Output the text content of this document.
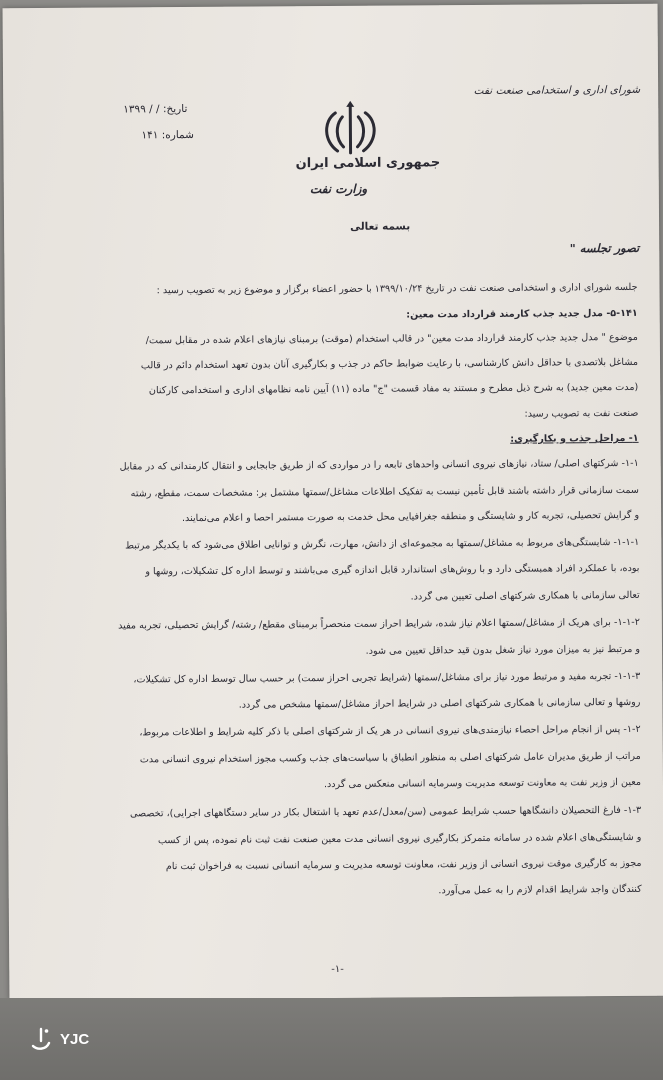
شورای اداری و استخدامی صنعت نفت
تاریخ: / / ۱۳۹۹
شماره: ۱۴۱
جمهوری اسلامی ایران
وزارت نفت
بسمه تعالی
تصور تجلسه "
جلسه شورای اداری و استخدامی صنعت نفت در تاریخ ۱۳۹۹/۱۰/۲۴ با حضور اعضاء برگزار و موضوع زیر به تصویب رسید :
۵-۱۴۱- مدل جدید جذب کارمند قرارداد مدت معین:
موضوع " مدل جدید جذب کارمند قرارداد مدت معین" در قالب استخدام (موقت) برمبنای نیازهای اعلام شده در مقابل سمت/
مشاغل بلاتصدی با حداقل دانش کارشناسی، با رعایت ضوابط حاکم در جذب و بکارگیری آنان بدون تعهد استخدام دائم در قالب
(مدت معین جدید) به شرح ذیل مطرح و مستند به مفاد قسمت "ج" ماده (۱۱) آیین نامه نظامهای اداری و استخدامی کارکنان
صنعت نفت به تصویب رسید:
۱- مراحل جذب و بکارگیری:
۱-۱- شرکتهای اصلی/ ستاد، نیازهای نیروی انسانی واحدهای تابعه را در مواردی که از طریق جابجایی و انتقال کارمندانی که در مقابل
سمت سازمانی قرار داشته باشند قابل تأمین نیست به تفکیک اطلاعات مشاغل/سمتها مشتمل بر: مشخصات سمت، مقطع، رشته
و گرایش تحصیلی، تجربه کار و شایستگی و منطقه جغرافیایی محل خدمت به صورت مستمر احصا و اعلام می‌نمایند.
۱-۱-۱- شایستگی‌های مربوط به مشاغل/سمتها به مجموعه‌ای از دانش، مهارت، نگرش و توانایی اطلاق می‌شود که با یکدیگر مرتبط
بوده، با عملکرد افراد همبستگی دارد و با روش‌های استاندارد قابل اندازه گیری می‌باشند و توسط اداره کل تشکیلات، روشها و
تعالی سازمانی با همکاری شرکتهای اصلی تعیین می گردد.
۱-۱-۲- برای هریک از مشاغل/سمتها اعلام نیاز شده، شرایط احراز سمت منحصراً برمبنای مقطع/ رشته/ گرایش تحصیلی، تجربه مفید
و مرتبط نیز به میزان مورد نیاز شغل بدون قید حداقل تعیین می شود.
۱-۱-۳- تجربه مفید و مرتبط مورد نیاز برای مشاغل/سمتها (شرایط تجربی احراز سمت) بر حسب سال توسط اداره کل تشکیلات،
روشها و تعالی سازمانی با همکاری شرکتهای اصلی در شرایط احراز مشاغل/سمتها مشخص می گردد.
۱-۲- پس از انجام مراحل احصاء نیازمندی‌های نیروی انسانی در هر یک از شرکتهای اصلی با ذکر کلیه شرایط و اطلاعات مربوط،
مراتب از طریق مدیران عامل شرکتهای اصلی به منظور انطباق با سیاست‌های جذب وکسب مجوز استخدام نیروی انسانی مدت
معین از وزیر نفت به معاونت توسعه مدیریت وسرمایه انسانی منعکس می گردد.
۱-۳- فارغ التحصیلان دانشگاهها حسب شرایط عمومی (سن/معدل/عدم تعهد یا اشتغال بکار در سایر دستگاههای اجرایی)، تخصصی
و شایستگی‌های اعلام شده در سامانه متمرکز بکارگیری نیروی انسانی مدت معین صنعت نفت ثبت نام نموده، پس از کسب
مجوز به کارگیری موقت نیروی انسانی از وزیر نفت، معاونت توسعه مدیریت و سرمایه انسانی نسبت به فراخوان ثبت نام
کنندگان واجد شرایط اقدام لازم را به عمل می‌آورد.
-۱-
YJC
